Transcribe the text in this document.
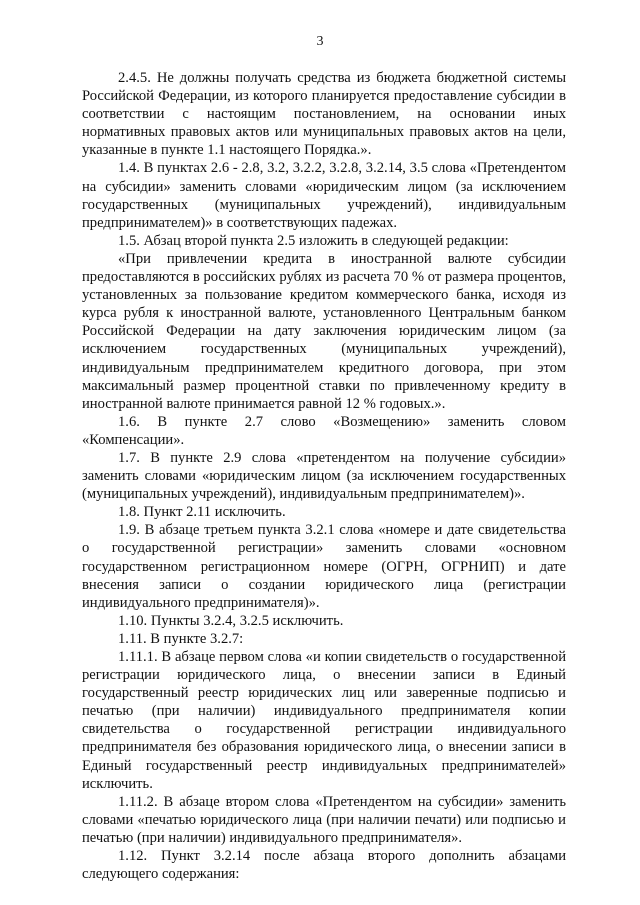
3

2.4.5. Не должны получать средства из бюджета бюджетной системы Российской Федерации, из которого планируется предоставление субсидии в соответствии с настоящим постановлением, на основании иных нормативных правовых актов или муниципальных правовых актов на цели, указанные в пункте 1.1 настоящего Порядка.».

1.4. В пунктах 2.6 - 2.8, 3.2, 3.2.2, 3.2.8, 3.2.14, 3.5 слова «Претендентом на субсидии» заменить словами «юридическим лицом (за исключением государственных (муниципальных учреждений), индивидуальным предпринимателем)» в соответствующих падежах.

1.5. Абзац второй пункта 2.5 изложить в следующей редакции:

«При привлечении кредита в иностранной валюте субсидии предоставляются в российских рублях из расчета 70 % от размера процентов, установленных за пользование кредитом коммерческого банка, исходя из курса рубля к иностранной валюте, установленного Центральным банком Российской Федерации на дату заключения юридическим лицом (за исключением государственных (муниципальных учреждений), индивидуальным предпринимателем кредитного договора, при этом максимальный размер процентной ставки по привлеченному кредиту в иностранной валюте принимается равной 12 % годовых.».

1.6. В пункте 2.7 слово «Возмещению» заменить словом «Компенсации».

1.7. В пункте 2.9 слова «претендентом на получение субсидии» заменить словами «юридическим лицом (за исключением государственных (муниципальных учреждений), индивидуальным предпринимателем)».

1.8. Пункт 2.11 исключить.

1.9. В абзаце третьем пункта 3.2.1 слова «номере и дате свидетельства о государственной регистрации» заменить словами «основном государственном регистрационном номере (ОГРН, ОГРНИП) и дате внесения записи о создании юридического лица (регистрации индивидуального предпринимателя)».

1.10. Пункты 3.2.4, 3.2.5 исключить.

1.11. В пункте 3.2.7:

1.11.1. В абзаце первом слова «и копии свидетельств о государственной регистрации юридического лица, о внесении записи в Единый государственный реестр юридических лиц или заверенные подписью и печатью (при наличии) индивидуального предпринимателя копии свидетельства о государственной регистрации индивидуального предпринимателя без образования юридического лица, о внесении записи в Единый государственный реестр индивидуальных предпринимателей» исключить.

1.11.2. В абзаце втором слова «Претендентом на субсидии» заменить словами «печатью юридического лица (при наличии печати) или подписью и печатью (при наличии) индивидуального предпринимателя».

1.12. Пункт 3.2.14 после абзаца второго дополнить абзацами следующего содержания:
